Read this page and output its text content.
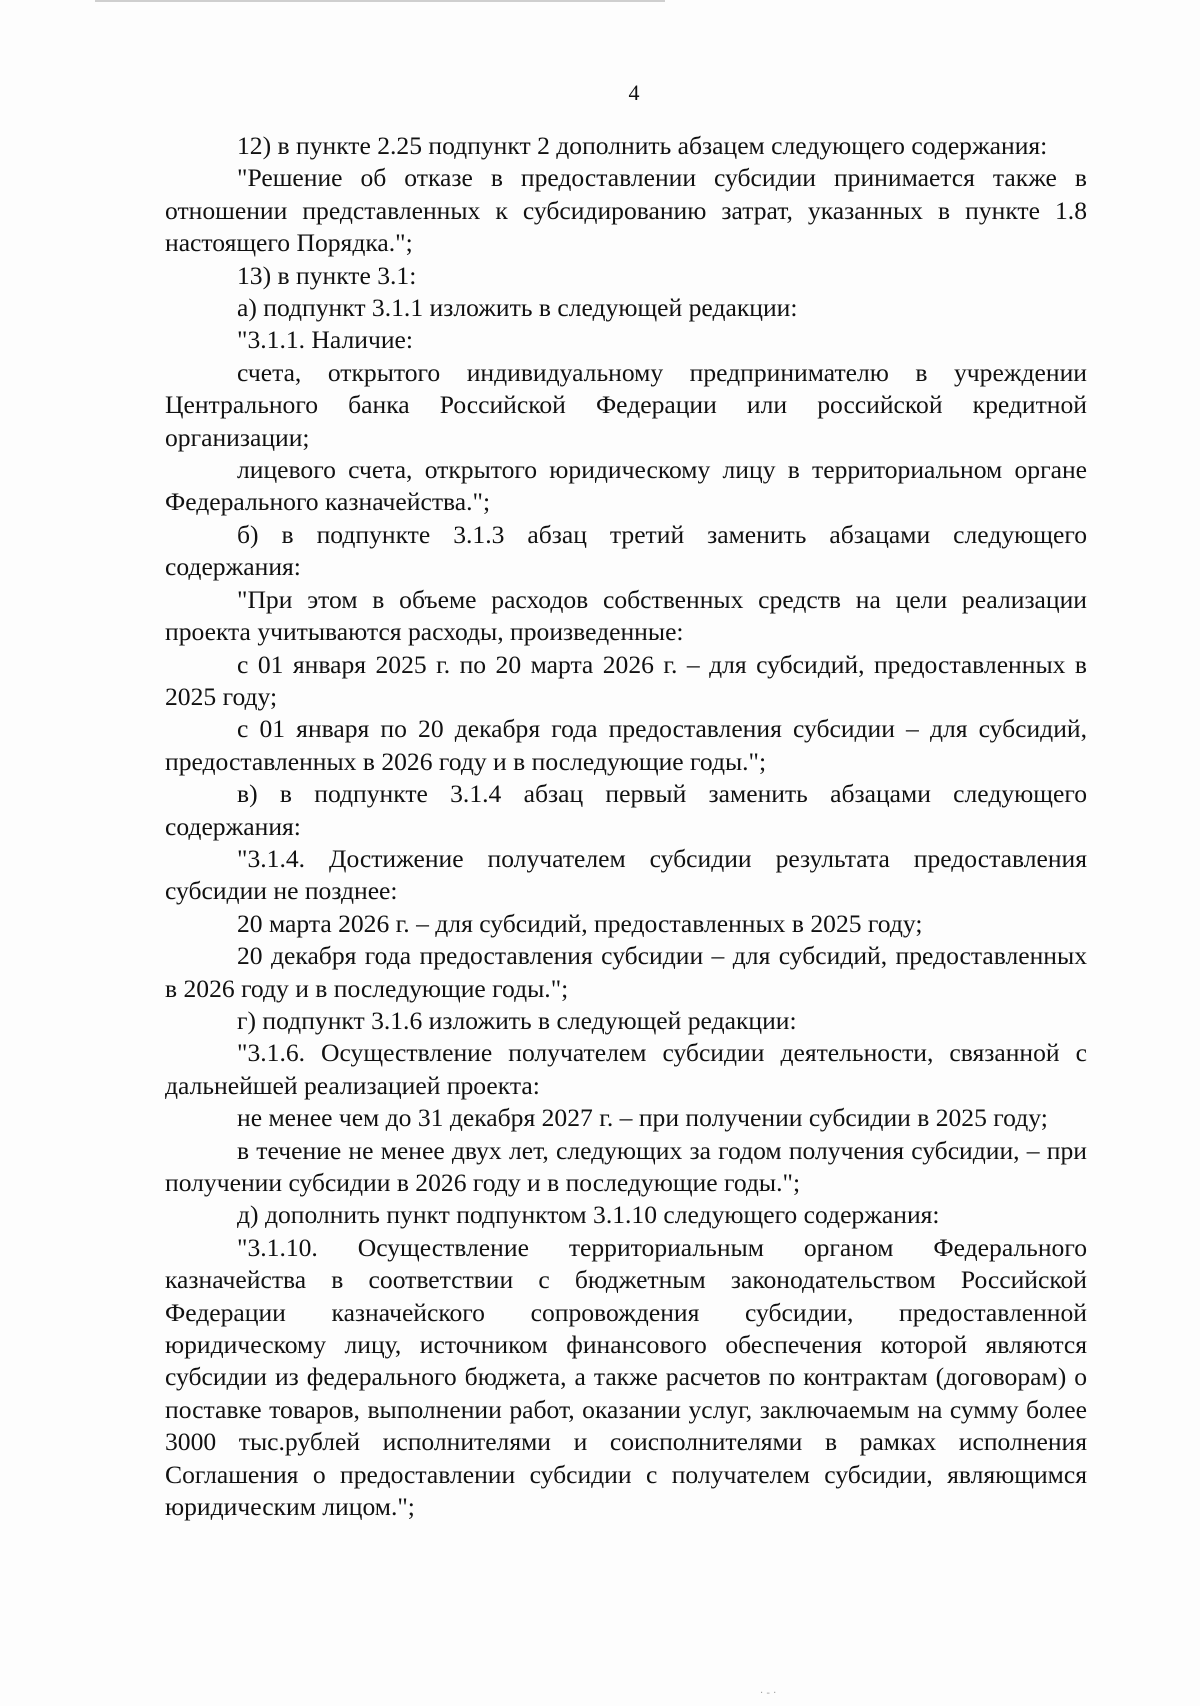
4

12) в пункте 2.25 подпункт 2 дополнить абзацем следующего содержания:

"Решение об отказе в предоставлении субсидии принимается также в отношении представленных к субсидированию затрат, указанных в пункте 1.8 настоящего Порядка.";

13) в пункте 3.1:

а) подпункт 3.1.1 изложить в следующей редакции:

"3.1.1. Наличие:

счета, открытого индивидуальному предпринимателю в учреждении Центрального банка Российской Федерации или российской кредитной организации;

лицевого счета, открытого юридическому лицу в территориальном органе Федерального казначейства.";

б) в подпункте 3.1.3 абзац третий заменить абзацами следующего содержания:

"При этом в объеме расходов собственных средств на цели реализации проекта учитываются расходы, произведенные:

с 01 января 2025 г. по 20 марта 2026 г. – для субсидий, предоставленных в 2025 году;

с 01 января по 20 декабря года предоставления субсидии – для субсидий, предоставленных в 2026 году и в последующие годы.";

в) в подпункте 3.1.4 абзац первый заменить абзацами следующего содержания:

"3.1.4. Достижение получателем субсидии результата предоставления субсидии не позднее:

20 марта 2026 г. – для субсидий, предоставленных в 2025 году;

20 декабря года предоставления субсидии – для субсидий, предоставленных в 2026 году и в последующие годы.";

г) подпункт 3.1.6 изложить в следующей редакции:

"3.1.6. Осуществление получателем субсидии деятельности, связанной с дальнейшей реализацией проекта:

не менее чем до 31 декабря 2027 г. – при получении субсидии в 2025 году;

в течение не менее двух лет, следующих за годом получения субсидии, – при получении субсидии в 2026 году и в последующие годы.";

д) дополнить пункт подпунктом 3.1.10 следующего содержания:

"3.1.10. Осуществление территориальным органом Федерального казначейства в соответствии с бюджетным законодательством Российской Федерации казначейского сопровождения субсидии, предоставленной юридическому лицу, источником финансового обеспечения которой являются субсидии из федерального бюджета, а также расчетов по контрактам (договорам) о поставке товаров, выполнении работ, оказании услуг, заключаемым на сумму более 3000 тыс.рублей исполнителями и соисполнителями в рамках исполнения Соглашения о предоставлении субсидии с получателем субсидии, являющимся юридическим лицом.";

· - ·
